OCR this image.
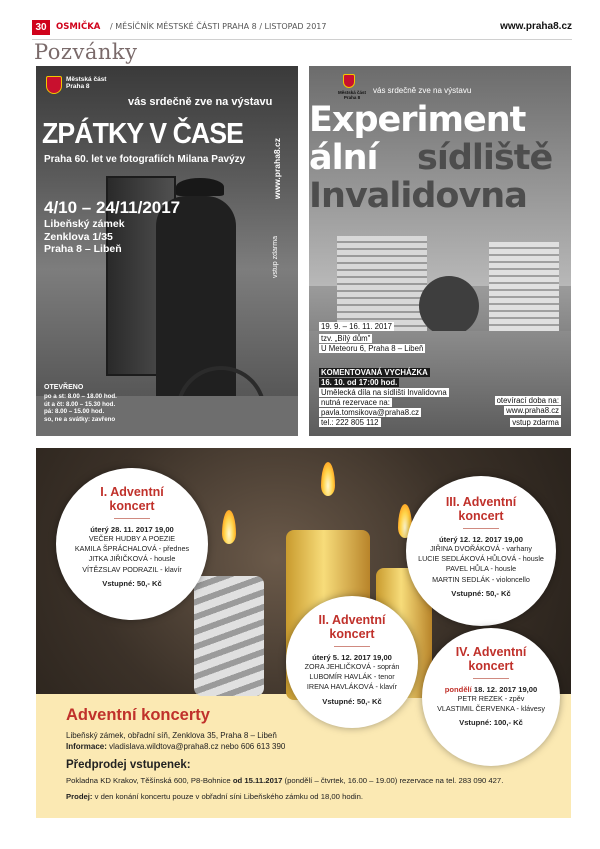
30	OSMIČKA / MĚSÍČNÍK MĚSTSKÉ ČÁSTI PRAHA 8 / LISTOPAD 2017	www.praha8.cz
Pozvánky
Městská část
Praha 8
vás srdečně zve na výstavu
ZPÁTKY V ČASE
Praha 60. let ve fotografiích Milana Pavýzy
4/10 – 24/11/2017
Libeňský zámek
Zenklova 1/35
Praha 8 – Libeň
www.praha8.cz
vstup zdarma
OTEVŘENO
po a st: 8.00 – 18.00 hod.
út a čt: 8.00 – 15.30 hod.
pá: 8.00 – 15.00 hod.
so, ne a svátky: zavřeno
Městská část Praha 8
vás srdečně zve na výstavu
Experiment
ální sídliště
Invalidovna
19. 9. – 16. 11. 2017
tzv. „Bílý dům"
U Meteoru 6, Praha 8 – Libeň
KOMENTOVANÁ VYCHÁZKA
16. 10. od 17:00 hod.
Umělecká díla na sídlišti Invalidovna
nutná rezervace na:
pavla.tomsikova@praha8.cz
tel.: 222 805 112
otevírací doba na:
www.praha8.cz
vstup zdarma
I. Adventní
koncert
úterý 28. 11. 2017 19,00
VEČER HUDBY A POEZIE
KAMILA ŠPRÁCHALOVÁ - přednes
JITKA JIŘIČKOVÁ - housle
VÍTĚZSLAV PODRAZIL - klavír
Vstupné: 50,- Kč
III. Adventní
koncert
úterý 12. 12. 2017 19,00
JIŘINA DVOŘÁKOVÁ - varhany
LUCIE SEDLÁKOVÁ HŮLOVÁ - housle
PAVEL HŮLA - housle
MARTIN SEDLÁK - violoncello
Vstupné: 50,- Kč
II. Adventní
koncert
úterý 5. 12. 2017 19,00
ZORA JEHLIČKOVÁ - soprán
LUBOMÍR HAVLÁK - tenor
IRENA HAVLÁKOVÁ - klavír
Vstupné: 50,- Kč
IV. Adventní
koncert
pondělí 18. 12. 2017 19,00
PETR REZEK - zpěv
VLASTIMIL ČERVENKA - klávesy
Vstupné: 100,- Kč
Adventní koncerty
Libeňský zámek, obřadní síň, Zenklova 35, Praha 8 – Libeň
Informace: vladislava.wildtova@praha8.cz nebo 606 613 390
Předprodej vstupenek:
Pokladna KD Krakov, Těšínská 600, P8-Bohnice od 15.11.2017 (pondělí – čtvrtek, 16.00 – 19.00) rezervace na tel. 283 090 427.
Prodej: v den konání koncertu pouze v obřadní síni Libeňského zámku od 18,00 hodin.
